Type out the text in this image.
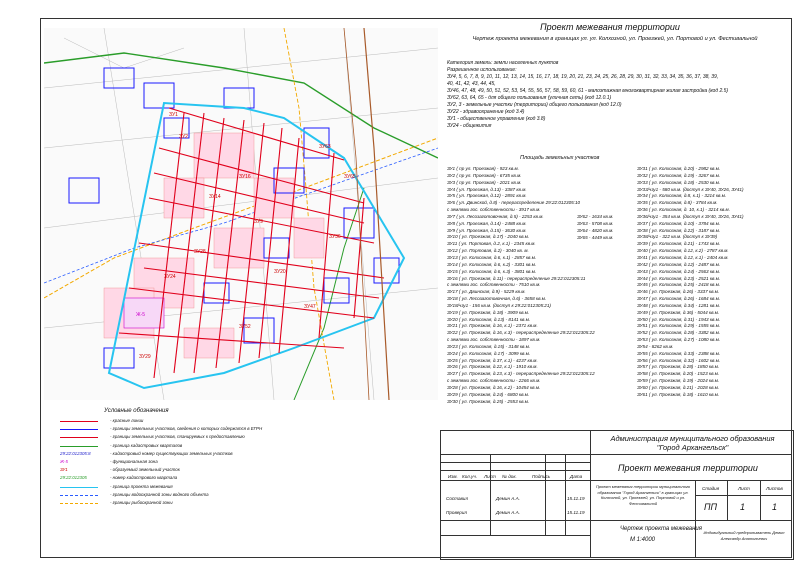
ЗУ65
ЗУ2
ЗУ1
ЗУ16
ЗУ14
ЗУ9
ЗУ28
ЗУ20
ЗУ24
ЗУ47
ЗУ52
ЗУ36
ЗУ63
ЗУ29
Ж-5
Проект межевания территории
Чертеж проекта межевания в границах ул. ул. Колхозной, ул. Проезжей, ул. Портовой и ул. Фестивальной
Категория земель: земли населенных пунктов
Разрешенное использование:
ЗУ4, 5, 6, 7, 8, 9, 10, 11, 12, 13, 14, 15, 16, 17, 18, 19, 20, 21, 23, 24, 25, 26, 28, 29, 30, 31, 32, 33, 34, 35, 36, 37, 38, 39,
40, 41, 42, 43, 44, 45,
ЗУ46, 47, 48, 49, 50, 51, 52, 53, 54, 55, 56, 57, 58, 59, 60, 61 - малоэтажная многоквартирная жилая застройка (код 2.5)
ЗУ62, 63, 64, 65 - для общего пользования (уличная сеть) (код 12.0.1)
ЗУ2, 3 - земельные участки (территории) общего пользования (код 12.0)
ЗУ22 - здравоохранение (код 3.4)
ЗУ1 - общественное управление (код 3.8)
ЗУ24 - общежития
Площадь земельных участков
ЗУ1 ( пр ул. Проезжая) - 923 кв.м.
ЗУ2 ( пр ул. Проезжая) - 6735 кв.м.
ЗУ3 ( пр ул. Проезжая) - 2021 кв.м.
ЗУ4 ( ул. Проезжая, д.13) - 3387 кв.м.
ЗУ5 ( ул. Проезжая, д.12) - 2891 кв.м.
ЗУ6 ( ул. Двинской, д.8) - перераспределение 29:22:012305:10
с землями гос. собственности - 3917 кв.м.
ЗУ7 ( ул. Лесозаготовочная, д.5) - 2253 кв.м.
ЗУ8 ( ул. Проезжая, д.14) - 2488 кв.м.
ЗУ9 ( ул. Проезжая, д.15) - 3630 кв.м.
ЗУ10 ( ул. Проезжая, д.17) - 2040 кв.м.
ЗУ11 ( ул. Портовая, д.2, к.1) - 2345 кв.м.
ЗУ12 ( ул. Портовая, д.2) - 3040 кв. м.
ЗУ13 ( ул. Колхозная, д.6, к.1) - 2857 кв.м.
ЗУ14 ( ул. Колхозная, д.6, к.2) - 3301 кв.м.
ЗУ15 ( ул. Колхозная, д.6, к.3) - 3801 кв.м.
ЗУ16 ( ул. Проезжая, д.11) - перераспределение 29:22:012305:11
с землями гос. собственности - 7510 кв.м.
ЗУ17 ( ул. Двинская, д.9) - 5229 кв.м.
ЗУ18 ( ул. Лесозаготовочная, д.6) - 3658 кв.м.
ЗУ18/чзу1 - 156 кв.м. (доступ к 29:22:012305:21)
ЗУ19 ( ул. Проезжая, д.18) - 3909 кв.м.
ЗУ20 ( ул. Колхозная, д.13) - 8141 кв.м.
ЗУ21 ( ул. Проезжая, д.16, к.1) - 2371 кв.м.
ЗУ22 ( ул. Проезжая, д.16, к.3) - перераспределение 29:22:012305:22
с землями гос. собственности - 1897 кв.м.
ЗУ23 ( ул. Колхозная, д.15) - 3148 кв.м.
ЗУ24 ( ул. Колхозная, д.17) - 3099 кв.м.
ЗУ25 ( ул. Проезжая, д.37, к.1) - 4237 кв.м.
ЗУ26 ( ул. Проезжая, д.22, к.1) - 1910 кв.м.
ЗУ27 ( ул. Проезжая, д.23, к.3) - перераспределение 29:22:012305:12
с землями гос. собственности - 2266 кв.м.
ЗУ28 ( ул. Проезжая, д.16, к.2) - 10454 кв.м.
ЗУ29 ( ул. Проезжая, д.24) - 6800 кв.м.
ЗУ30 ( ул. Проезжая, д.25) - 2553 кв.м.
ЗУ62 - 1634 кв.м.
ЗУ63 - 5708 кв.м.
ЗУ64 - 4820 кв.м.
ЗУ65 - 4449 кв.м.
ЗУ31 ( ул. Колхозная, д.20) - 2982 кв.м.
ЗУ32 ( ул. Колхозная, д.19) - 3267 кв.м.
ЗУ33 ( ул. Колхозная, д.18) - 2530 кв.м.
ЗУ33/чзу1 - 580 кв.м. (доступ к ЗУ40, ЗУ26, ЗУ41)
ЗУ34 ( ул. Колхозная, д.8, к.1) - 3214 кв.м.
ЗУ35 ( ул. Колхозная, д.8) - 3784 кв.м.
ЗУ36 ( ул. Колхозная, д. 10, к.1) - 3214 кв.м.
ЗУ36/чзу1 - 354 кв.м. (доступ к ЗУ40, ЗУ26, ЗУ41)
ЗУ37 ( ул. Колхозная, д.10) - 3784 кв.м.
ЗУ38 ( ул. Колхозная, д.22) - 3187 кв.м.
ЗУ38/чзу1 - 322 кв.м. (доступ к ЗУ39)
ЗУ39 ( ул. Колхозная, д.21) - 1743 кв.м.
ЗУ40 ( ул. Колхозная, д.12, к.2) - 2787 кв.м.
ЗУ41 ( ул. Колхозная, д.12, к.1) - 2404 кв.м.
ЗУ42 ( ул. Колхозная, д.12) - 2487 кв.м.
ЗУ43 ( ул. Колхозная, д.24) - 2563 кв.м.
ЗУ44 ( ул. Колхозная, д.23) - 2521 кв.м.
ЗУ45 ( ул. Колхозная, д.25) - 2418 кв.м.
ЗУ46 ( ул. Проезжая, д.26) - 3337 кв.м.
ЗУ47 ( ул. Колхозная, д.26) - 1684 кв.м.
ЗУ48 ( ул. Колхозная, д.34) - 1281 кв.м.
ЗУ49 ( ул. Проезжая, д.36) - 5044 кв.м.
ЗУ50 ( ул. Колхозная, д.31) - 1943 кв.м.
ЗУ51 ( ул. Колхозная, д.29) - 1555 кв.м.
ЗУ52 ( ул. Колхозная, д.28) - 3382 кв.м.
ЗУ53 ( ул. Колхозная, д.27) - 1080 кв.м.
ЗУ54 - 8262 кв.м.
ЗУ55 ( ул. Колхозная, д.33) - 2388 кв.м.
ЗУ56 ( ул. Колхозная, д.32) - 1602 кв.м.
ЗУ57 ( ул. Проезжая, д.28) - 1850 кв.м.
ЗУ58 ( ул. Проезжая, д.20) - 1523 кв.м.
ЗУ59 ( ул. Проезжая, д.19) - 2024 кв.м.
ЗУ60 ( ул. Проезжая, д.21) - 2028 кв.м.
ЗУ61 ( ул. Проезжая, д.18) - 1610 кв.м.
Условные обозначения
- красные линии
- границы земельных участков, сведения о которых содержатся в ЕГРН
- границы земельных участков, планируемых к предоставлению
- граница кадастровых кварталов
29:22:012305:8	- кадастровый номер существующих земельных участков
Ж-5	- функциональная зона
ЗУ1	- образуемый земельный участок
29:22:012305	- номер кадастрового квартала
- граница проекта межевания
- границы водоохранной зоны водного объекта
- границы рыбоохранной зоны
Изм. Кол.уч. Лист № док.	Подпись	Дата
Составил	Демин А.А.	15.11.19
Проверил	Демин А.А.	15.11.19
Администрация муниципального образования "Город Архангельск"
Проект межевания территории
Проект межевания территории муниципального образования "Город Архангельск" в границах ул. Колхозной, ул. Проезжей, ул. Портовой и ул. Фестивальной
Стадия	Лист	Листов
ПП	1	1
Чертеж проекта межевания
М 1:4000
Индивидуальный предприниматель Демин Александр Анатольевич
